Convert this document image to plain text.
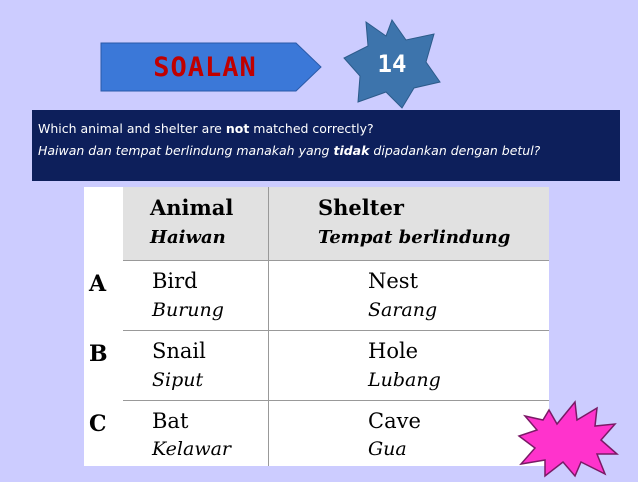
SOALAN	14
Which animal and shelter are not matched correctly?
Haiwan dan tempat berlindung manakah yang tidak dipadankan dengan betul?
Animal
Haiwan
Shelter
Tempat berlindung
A Bird
Burung
Nest
Sarang
B Snail
Siput
Hole
Lubang
C Bat
Kelawar
Cave
Gua
